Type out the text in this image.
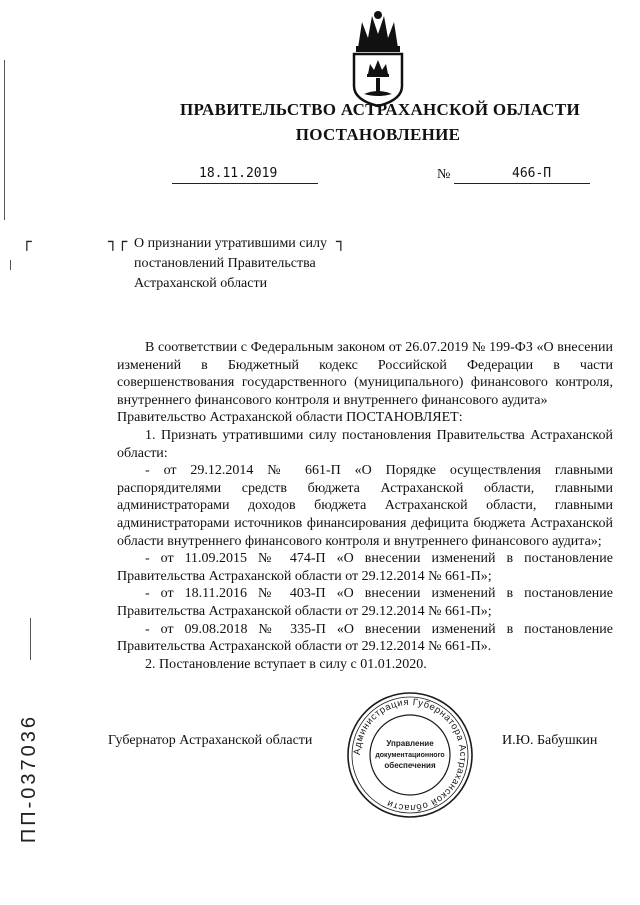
ПРАВИТЕЛЬСТВО АСТРАХАНСКОЙ ОБЛАСТИ
ПОСТАНОВЛЕНИЕ
18.11.2019	№	466-П
┌	┐┌	┐
О признании утратившими силу
постановлений Правительства
Астраханской области

В соответствии с Федеральным законом от 26.07.2019 № 199-ФЗ «О внесении изменений в Бюджетный кодекс Российской Федерации в части совершенствования государственного (муниципального) финансового контроля, внутреннего финансового контроля и внутреннего финансового аудита»

Правительство Астраханской области ПОСТАНОВЛЯЕТ:

1. Признать утратившими силу постановления Правительства Астраханской области:

- от 29.12.2014 № 661-П «О Порядке осуществления главными распорядителями средств бюджета Астраханской области, главными администраторами доходов бюджета Астраханской области, главными администраторами источников финансирования дефицита бюджета Астраханской области внутреннего финансового контроля и внутреннего финансового аудита»;

- от 11.09.2015 № 474-П «О внесении изменений в постановление Правительства Астраханской области от 29.12.2014 № 661-П»;

- от 18.11.2016 № 403-П «О внесении изменений в постановление Правительства Астраханской области от 29.12.2014 № 661-П»;

- от 09.08.2018 № 335-П «О внесении изменений в постановление Правительства Астраханской области от 29.12.2014 № 661-П».

2. Постановление вступает в силу с 01.01.2020.

Губернатор Астраханской области	И.Ю. Бабушкин
Администрация Губернатора Астраханской области
Управление
документационного
обеспечения
ПП-037036
